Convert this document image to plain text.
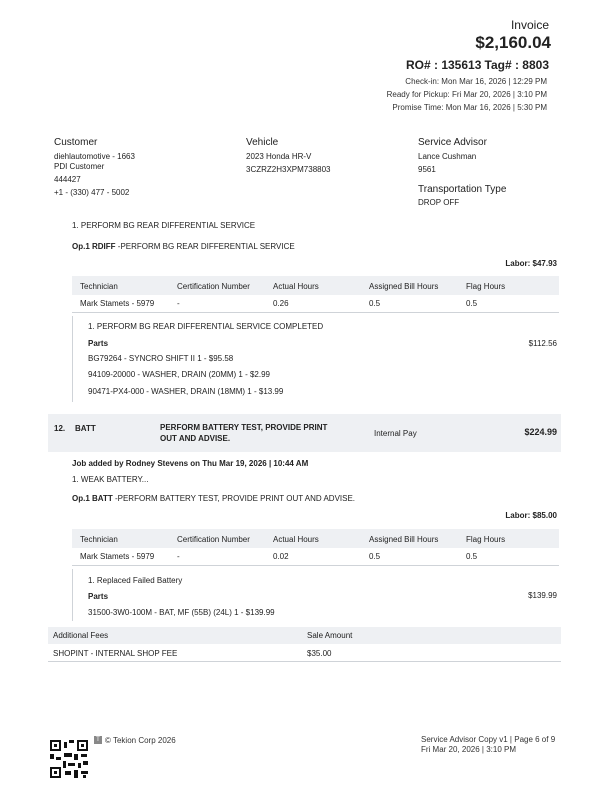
Invoice
$2,160.04
RO# : 135613 Tag# : 8803
Check-in: Mon Mar 16, 2026 | 12:29 PM
Ready for Pickup: Fri Mar 20, 2026 | 3:10 PM
Promise Time: Mon Mar 16, 2026 | 5:30 PM
Customer
diehlautomotive - 1663
PDI Customer
444427
+1 - (330) 477 - 5002
Vehicle
2023 Honda HR-V
3CZRZ2H3XPM738803
Service Advisor
Lance Cushman
9561
Transportation Type
DROP OFF
1. PERFORM BG REAR DIFFERENTIAL SERVICE
Op.1 RDIFF -PERFORM BG REAR DIFFERENTIAL SERVICE
Labor: $47.93
Technician	Certification Number	Actual Hours	Assigned Bill Hours	Flag Hours
Mark Stamets - 5979	-	0.26	0.5	0.5
1. PERFORM BG REAR DIFFERENTIAL SERVICE COMPLETED
Parts	$112.56
BG79264 - SYNCRO SHIFT II 1 - $95.58
94109-20000 - WASHER, DRAIN (20MM) 1 - $2.99
90471-PX4-000 - WASHER, DRAIN (18MM) 1 - $13.99
12. BATT	PERFORM BATTERY TEST, PROVIDE PRINT
OUT AND ADVISE.
Internal Pay	$224.99
Job added by Rodney Stevens on Thu Mar 19, 2026 | 10:44 AM
1. WEAK BATTERY...
Op.1 BATT -PERFORM BATTERY TEST, PROVIDE PRINT OUT AND ADVISE.
Labor: $85.00
Technician	Certification Number	Actual Hours	Assigned Bill Hours	Flag Hours
Mark Stamets - 5979	-	0.02	0.5	0.5
1. Replaced Failed Battery
Parts	$139.99
31500-3W0-100M - BAT, MF (55B) (24L) 1 - $139.99
Additional Fees	Sale Amount
SHOPINT - INTERNAL SHOP FEE	$35.00
T © Tekion Corp 2026	Service Advisor Copy v1 | Page 6 of 9
Fri Mar 20, 2026 | 3:10 PM
